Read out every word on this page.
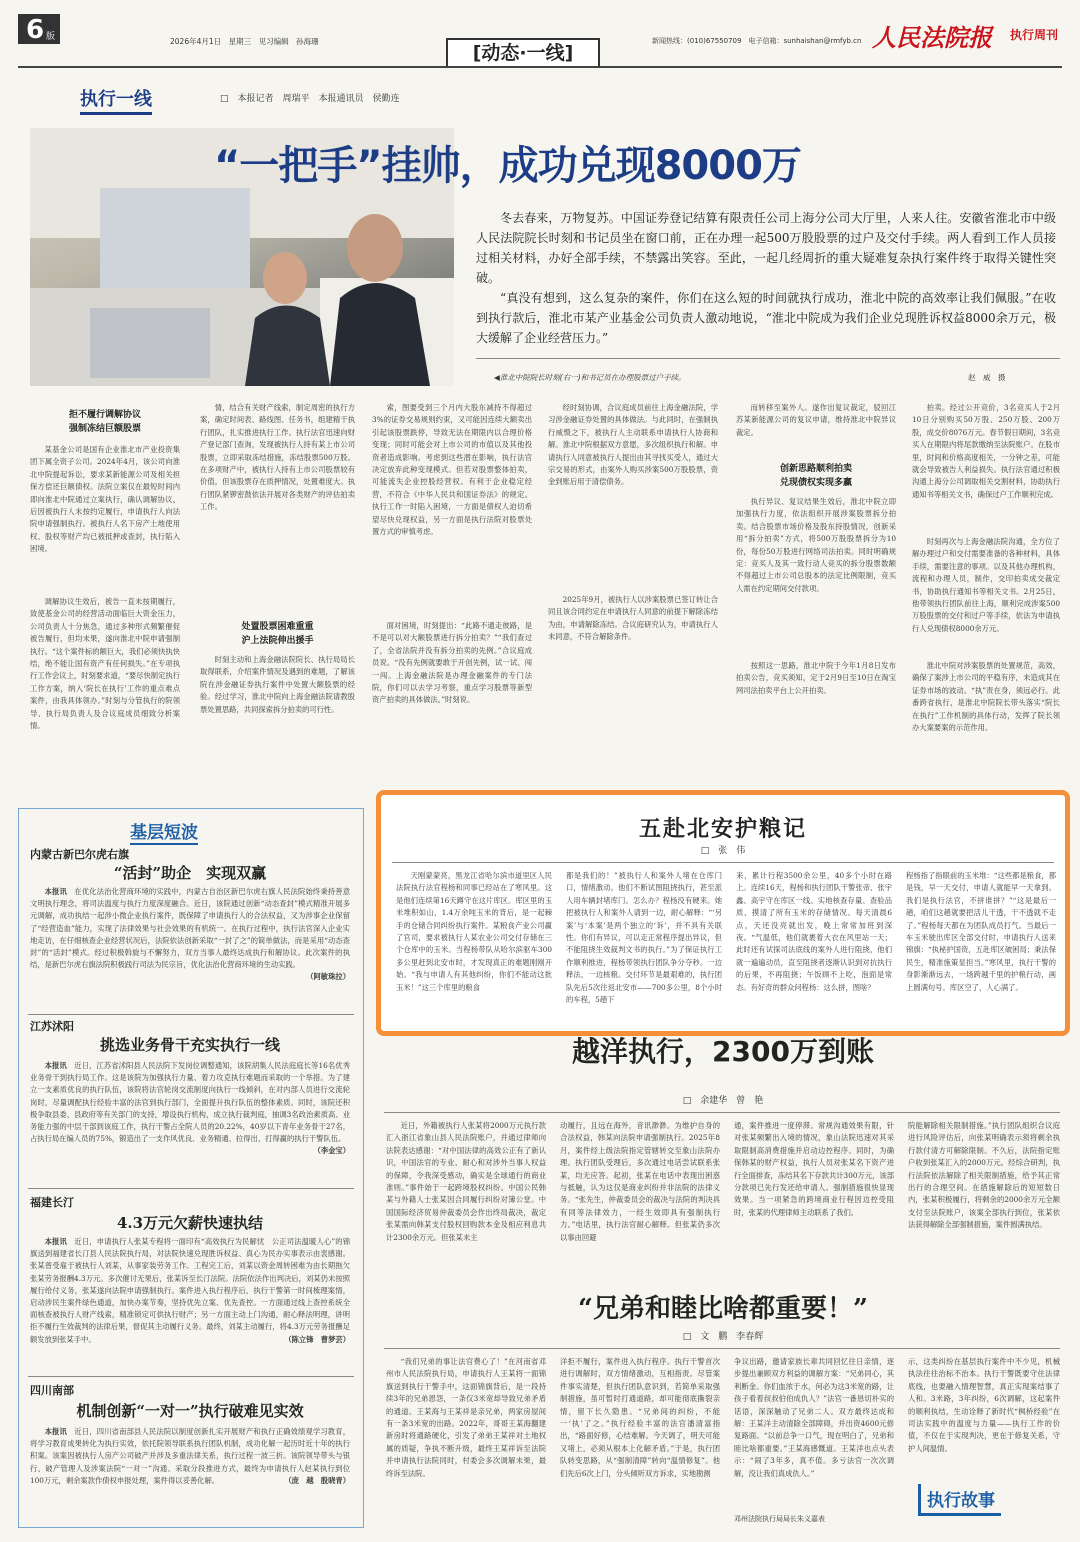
6 版	2026年4月1日　星期三　见习编辑　孙海珊
[动态·一线]
新闻热线：(010)67550709　电子信箱：sunhaishan@rmfyb.cn 人民法院报 执行周刊
执行一线	□　本报记者　周瑞平　本报通讯员　侯勤连
“一把手”挂帅，成功兑现8000万
冬去春来，万物复苏。中国证券登记结算有限责任公司上海分公司大厅里，人来人往。安徽省淮北市中级人民法院院长时刻和书记员坐在窗口前，正在办理一起500万股股票的过户及交付手续。两人看到工作人员接过相关材料，办好全部手续，不禁露出笑容。至此，一起几经周折的重大疑难复杂执行案件终于取得关键性突破。
“真没有想到，这么复杂的案件，你们在这么短的时间就执行成功，淮北中院的高效率让我们佩服。”在收到执行款后，淮北市某产业基金公司负责人激动地说，“淮北中院成为我们企业兑现胜诉权益8000余万元，极大缓解了企业经营压力。”
◀淮北中院院长时刻(右一)和书记员在办理股票过户手续。	赵　威　摄
拒不履行调解协议
强制冻结巨额股票
某基金公司是国有企业淮北市产业投资集团下属全资子公司。2024年4月，该公司向淮北中院提起诉讼，要求某新能源公司及相关担保方偿还巨额债权。法院立案仅在最短时间内即向淮北中院通过立案执行，确认调解协议，后因被执行人未按约定履行，申请执行人向法院申请强制执行。被执行人名下房产土地使用权、股权等财产均已被抵押或查封，执行陷入困境。
调解协议生效后，被告一直未按期履行，致使基金公司的经营活动面临巨大资金压力，公司负责人十分焦急，通过多种形式频繁催促被告履行，但均未果，遂向淮北中院申请强制执行。“这个案件标的额巨大，我们必须快执快结，绝不能让国有资产有任何损失。”在专项执行工作会议上，时刻要求道，“要尽快制定执行工作方案，纳入‘院长在执行’工作的重点难点案件，由我具体领办。”时刻与分管执行的院领导、执行局负责人及合议庭成员细致分析案情。
情，结合有关财产线索，制定周密的执行方案，确定时间表、路线图、任务书，组建精干执行团队，扎实推进执行工作。执行法官迅速向财产登记部门查询，发现被执行人持有某上市公司股票，立即采取冻结措施，冻结股票500万股。在多项财产中，被执行人持有上市公司股票较有价值，但该股票存在质押情况，处置难度大。执行团队紧锣密鼓依法开展对各类财产的评估拍卖工作。
处置股票困难重重
沪上法院伸出援手
时刻主动和上海金融法院院长、执行局局长取得联系，介绍案件情况及遇到的难题，了解该院在涉金融证券执行案件中处置大额股票的经验。经过学习，淮北中院向上海金融法院请教股票处置思路，共同探索拆分拍卖的可行性。
索，图要受到三个月内大股东减持不得超过3%的证券交易规则约束，又可能因连续大额卖出引起该股票跌停，导致无法在期限内以合理价格变现；同时可能会对上市公司的市值以及其他投资者造成影响。考虑到这些潜在影响，执行法官决定放弃此种变现模式。但若对股票整体拍卖，可能流失企业控股经营权。有利于企业稳定经营，不符合《中华人民共和国证券法》的规定。执行工作一时陷入困境，一方面是债权人迫切希望尽快兑现权益，另一方面是执行法院对股票处置方式的审慎考虑。
面对困境，时刻提出：“此路不通走彼路，是不是可以对大额股票进行拆分拍卖？”“我们查过了，全省法院并没有拆分拍卖的先例。”合议庭成员说。“没有先例就要敢于开创先例，试一试、闯一闯。上海金融法院是办理金融案件的专门法院，你们可以去学习考察，重点学习股票等新型资产拍卖的具体做法。”时刻说。
经时刻协调，合议庭成员前往上海金融法院，学习涉金融证券处置的具体做法。与此同时，在强制执行威慑之下，被执行人主动联系申请执行人协商和解。淮北中院根据双方意愿，多次组织执行和解。申请执行人同意被执行人提出由其寻找买受人，通过大宗交易的形式，由案外人购买涉案500万股股票，资金到账后用于清偿债务。
2025年9月，被执行人以涉案股票已签订转让合同且该合同约定在申请执行人同意的前提下解除冻结为由，申请解除冻结。合议庭研究认为，申请执行人未同意，不符合解除条件。
而转移至案外人。遂作出复议裁定，驳回江苏某新能源公司的复议申请，维持淮北中院异议裁定。
创新思路顺利拍卖
兑现债权实现多赢
执行异议、复议结果生效后，淮北中院立即加强执行力度，依法组织开展涉案股票拆分拍卖。结合股票市场价格及股东持股情况，创新采用“拆分拍卖”方式，将500万股股票拆分为10份，每份50万股进行网络司法拍卖。同时明确规定：竞买人及其一致行动人竞买的拆分股票数额不得超过上市公司总股本的法定比例限制，竞买人需在约定期间交付款项。
按照这一思路，淮北中院于今年1月8日发布拍卖公告，竞买须知，定于2月9日至10日在淘宝网司法拍卖平台上公开拍卖。
拍卖。经过公开竞价，3名竞买人于2月10日分别购买50万股、250万股、200万股，成交价8076万元。春节假日期间，3名竞买人在期限内将尾款缴纳至法院账户。在股市里，时间和价格高度相关，一分钟之差，可能就会导致被告人利益损失。执行法官通过积极沟通上海分公司调取相关交割材料，协助执行通知书等相关文书，确保过户工作顺利完成。
时刻再次与上海金融法院沟通，全方位了解办理过户和交付需要准备的各种材料，具体手续，需要注意的事项。以及其他办理机构，流程和办理人员，制作，交印拍卖成交裁定书，协助执行通知书等相关文书。2月25日，他带领执行团队前往上海，顺利完成涉案500万股股票的交付和过户等手续，依法为申请执行人兑现债权8000余万元。
淮北中院对涉案股票的处置规范，高效，确保了案涉上市公司的平稳有序，未造成其在证券市场的波动。“执”责在身，须远必行。此番跨省执行，是淮北中院院长带头落实“院长在执行”工作机制的具体行动，发挥了院长领办大案要案的示范作用。
基层短波
内蒙古新巴尔虎右旗
“活封”助企　实现双赢
本报讯　 在优化法治化营商环境的实践中，内蒙古自治区新巴尔虎右旗人民法院始终秉持善意文明执行理念，将司法温度与执行力度深度融合。近日，该院通过创新“动态查封”模式精准开展多元调解，成功执结一起涉小微企业执行案件，既保障了申请执行人的合法权益，又为涉事企业保留了“经营造血”能力，实现了法律效果与社会效果的有机统一。在执行过程中，执行法官深入企业实地走访，在仔细核查企业经营状况后，法院依法创新采取“一封了之”的简单做法，而是采用“动态查封”的“活封”模式。经过积极斡旋与不懈努力，双方当事人最终达成执行和解协议。此次案件的执结，是新巴尔虎右旗法院积极践行司法为民宗旨，优化法治化营商环境的生动实践。
（阿敏珠拉）
江苏沭阳
挑选业务骨干充实执行一线
本报讯　 近日，江苏省沭阳县人民法院下发岗位调整通知，该院胡集人民法庭庭长等16名优秀业务骨干到执行局工作。这是该院为加强执行力量、着力攻克执行难题而采取的一个举措。为了建立一支素质优良的执行队伍，该院将法官轮岗交流制度向执行一线倾斜，在对内部人员进行交流轮岗时，尽量调配执行经验丰富的法官到执行部门，全面提升执行队伍的整体素质。同时，该院还积极争取县委、县政府等有关部门的支持，增设执行机构，成立执行裁判庭，抽调3名政治素质高、业务能力强的中层干部到该庭工作，执行干警占全院人员的20.22%，40岁以下青年业务骨干27名，占执行局在编人员的75%，锻造出了一支作风优良、业务精通、拉得出、打得赢的执行干警队伍。
（李金宝）
福建长汀
4.3万元欠薪快速执结
本报讯　 近日，申请执行人张某专程将一面印有“高效执行为民解忧　公正司法温暖人心”的锦旗送到福建省长汀县人民法院执行局，对法院快速兑现胜诉权益、真心为民办实事表示由衷感谢。张某曾受雇于被执行人刘某，从事家装劳务工作。工程完工后，刘某以资金周转困难为由长期拖欠张某劳务报酬4.3万元。多次催讨无果后，张某诉至长汀法院。法院依法作出判决后，刘某仍未按照履行给付义务，张某遂向法院申请强制执行。案件进入执行程序后，执行干警第一时间梳理案情，启动涉民生案件绿色通道，加快办案节奏，坚持优先立案、优先查控。一方面通过线上查控系统全面核查被执行人财产线索，精准锁定可供执行财产；另一方面主动上门沟通，耐心释法明理，讲明拒不履行生效裁判的法律后果，督促其主动履行义务。最终，刘某主动履行，将4.3万元劳务报酬足额发放到张某手中。	（陈立锋　曹梦芸）
四川南部
机制创新“一对一”执行破难见实效
本报讯　 近日，四川省南部县人民法院以制度创新扎实开展财产和执行正确效绩观学习教育，将学习教育成果转化为执行实效，依托院领导联系执行团队机制，成功化解一起历时近十年的执行积案。该案因被执行人房产公司破产并涉及多重法律关系，执行过程一波三折。该院领导带头与银行、破产管理人及涉案法院“一对一”沟通、采取分段推进方式，最终为申请执行人赵某执行到位100万元，剩余案款作债权申报处理，案件得以妥善化解。	（庞　越　殷晓青）
五赴北安护粮记
□　张　伟
天刚蒙蒙亮，黑龙江省哈尔滨市道里区人民法院执行法官程杨和同事已经站在了寒风里。这是他们连续第16天蹲守在这片库区。库区里的玉米堆积如山，1.4万余吨玉米的背后，是一起棘手的仓储合同纠纷执行案件。某粮食产业公司赢了官司，要求被执行人某农业公司交付存储在三个仓库中的玉米。当程杨带队从哈尔滨驱车300多公里赶到北安市时，才发现真正的难题刚刚开始。“我与申请人有其他纠纷，你们不能动这批玉米！”这三个库里的粮食
都是我们的！”被执行人和案外人堵在仓库门口，情绪激动。他们不断试图阻挠执行，甚至派人用车辆封堵库门。怎么办？程杨没有硬来。她把被执行人和案外人请到一边，耐心解释：“‘另案’与‘本案’是两个独立的‘诉’，并不具有关联性。你们有异议，可以走正常程序提出异议，但不能阻挠生效裁判文书的执行。”为了保证执行工作顺利推进，程杨带领执行团队争分夺秒。一边释法，一边核粮。交付环节是最艰难的，执行团队先后5次往返北安市——700多公里，8个小时的车程，5趟下
来，累计行程3500余公里，40多个小时在路上。连续16天，程杨和执行团队干警张帝、张宇鑫、高宇守在库区一线。实地核查存量、查验品质、摸清了所有玉米的存储情况。每天清晨6点，天还没亮就出发，晚上常常加班到深夜。“气温低，他们就裹着大衣在风里站一天；此时还有试探司法底线的案外人进行阻挠，他们就一遍遍动员，直至阻挠者逐渐认识到对抗执行的后果，不再阻挠；午饭顾不上吃，泡面是常态。有好奇的群众问程杨：这么拼，图啥？
程杨指了指眼前的玉米堆：“这些都是粮食，都是钱，早一天交付，申请人就能早一天拿到。我们是执行法官，不拼谁拼？”“这是最后一趟，咱们这趟就要把活儿干透，干不透就不走了。”程杨每天都在为团队成员打气。当最后一车玉米驶出库区全部交付时，申请执行人送来锦旗：“执秘护国资，五赴库区破困局；秉法保民生，精准施策显担当。”寒风里，执行干警的身影渐渐远去，一场跨越千里的护粮行动，画上圆满句号。库区空了，人心满了。
越洋执行，2300万到账
□　余建华　曾　艳
近日，外籍被执行人张某将2000万元执行款汇入浙江省象山县人民法院账户，并通过律师向法院表达感谢：“对中国法律的高效公正有了新认识，中国法官的专业、耐心和对涉外当事人权益的保障，令我深受感动，确实是全球通行的商业准则。”事件始于一起跨境股权纠纷。中国公民韩某与外籍人士张某因合同履行纠纷对簿公堂。中国国际经济贸易仲裁委员会作出终局裁决，裁定张某需向韩某支付股权回购款本金及相应利息共计2300余万元。但张某未主
动履行，且远在海外，音讯渺渺。为维护自身的合法权益，韩某向法院申请强制执行。2025年8月，案件经上级法院指定管辖转交至象山法院办理。执行团队受理后，多次通过电话尝试联系张某，均无应答。起初，张某在电话中表现出困惑与抵触，认为这仅是商业纠纷并非法院的法律义务。“张先生，仲裁委员会的裁决与法院的判决具有同等法律效力，一经生效即具有强制执行力。”电话里，执行法官耐心解释。但张某仍多次以事由回避
通，案件推进一度停滞。常规沟通效果有限，针对张某频繁出入境的情况，象山法院迅速对其采取限制高消费措施并启动边控程序。同时，为确保韩某的财产权益，执行人员对张某名下资产进行全面排查，冻结其名下存款共计300万元，该部分款项已先行发还给申请人。强制措施很快显现效果。当一项紧急的跨境商业行程因边控受阻时，张某的代理律师主动联系了我们。
院能解除相关限制措施。”执行团队组织合议庭进行风险评估后，向张某明确表示须将剩余执行款付清方可解除限制。不久后，法院指定账户收到张某汇入的2000万元。经综合研判，执行法院依法解除了相关限制措施，给予其正常出行的合理空间。在措施解除后的短短数日内，张某积极履行，将剩余的2000余万元全额支付至法院账户，该案全部执行到位，张某依法获得解除全部强制措施，案件圆满执结。
“兄弟和睦比啥都重要！”
□　文　鹏　李春辉
“我们兄弟的事让法官费心了！”在河南省邓州市人民法院执行局，申请执行人王某将一面锦旗送到执行干警手中，这面锦旗背后，是一段持续3年的兄弟恩怨，一条仅3米宽却导致兄弟矛盾的通道。王某海与王某祥是亲兄弟，两家房屋间有一条3米宽的出路。2022年，哥哥王某海翻建新房时将通路硬化，引发了弟弟王某祥对土地权属的质疑，争执不断升级，最终王某祥诉至法院并申请执行法院同时，村委会多次调解未果，最终诉至法院。
洋拒不履行，案件进入执行程序。执行干警首次进行调解时，双方情绪激动，互相指责。尽管案件事实清楚，但执行团队意识到，若简单采取强制措施，虽可暂时打通道路，却可能彻底撕裂亲情，留下长久隐患。“兄弟间的纠纷，不能一‘执’了之。”执行经验丰富的法官潘清富指出，“路面好修，心结难解。今天调了，明天可能又堵上，必须从根本上化解矛盾。”于是，执行团队转变思路，从“强制清障”转向“温情修复”。他们先后6次上门，分头倾听双方诉求，实地勘测
争议出路，邀请家族长辈共同回忆往日亲情，逐步提出兼顾双方利益的调解方案：“兄弟同心，其利断金。你们血浓于水，何必为这3米宽的路，让孩子看着叔叔伯伯成仇人？”法官一番恳切朴实的话语，深深触动了兄弟二人。双方最终达成和解：王某洋主动清除全部障碍，并出资4600元修复路面。“以前总争一口气，现在明白了，兄弟和睦比啥都重要。”王某海感慨道。王某洋也点头表示：“闹了3年多，真不值。多亏法官一次次调解，没让我们真成仇人。”
邓州法院执行局局长朱义嘉表
示，这类纠纷在基层执行案件中不少见，机械执法往往治标不治本。执行干警既要守住法律底线，也要融入情理智慧，真正实现案结事了人和。3米路，3年纠纷，6次调解，这起案件的顺利执结，生动诠释了新时代“枫桥经验”在司法实践中的温度与力量——执行工作的价值，不仅在于实现判决，更在于修复关系，守护人间温情。
执行故事
